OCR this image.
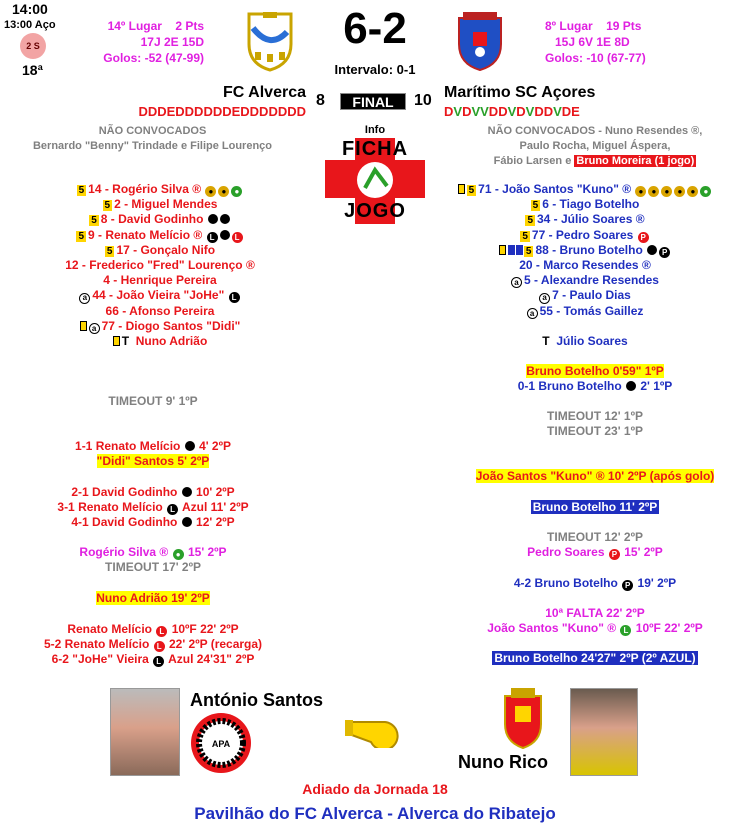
14:00
13:00 Aço
2 S
18ª
14º Lugar 2 Pts
17J 2E 15D
Golos: -52 (47-99)
6-2
Intervalo: 0-1
8º Lugar 19 Pts
15J 6V 1E 8D
Golos: -10 (67-77)
FC Alverca 8	FINAL	10 Marítimo SC Açores
DDDEDDDDDDEDDDDDDD	DVDVVDDVDVDDVDE
NÃO CONVOCADOS
Bernardo "Benny" Trindade e Filipe Lourenço
Info	NÃO CONVOCADOS - Nuno Resendes ®,
Paulo Rocha, Miguel Áspera,
Fábio Larsen e Bruno Moreira (1 jogo)
FICHA
JOGO
5 14 - Rogério Silva ® ● ● ●
5 2 - Miguel Mendes
5 8 - David Godinho
5 9 - Renato Melício ® L	L
5 17 - Gonçalo Nifo
12 - Frederico "Fred" Lourenço ®
4 - Henrique Pereira
a 44 - João Vieira "JoHe" L
66 - Afonso Pereira
a 77 - Diogo Santos "Didi"
T Nuno Adrião
5 71 - João Santos "Kuno" ® ● ● ● ● ● ●
5 6 - Tiago Botelho
5 34 - Júlio Soares ®
5 77 - Pedro Soares P
5 88 - Bruno Botelho P
20 - Marco Resendes ®
a 5 - Alexandre Resendes
a 7 - Paulo Dias
a 55 - Tomás Gaillez
T Júlio Soares
TIMEOUT 9' 1ºP
1-1 Renato Melício 4' 2ºP
"Didi" Santos 5' 2ºP
2-1 David Godinho 10' 2ºP
3-1 Renato Melício L Azul 11' 2ºP
4-1 David Godinho 12' 2ºP
Rogério Silva ® ● 15' 2ºP
TIMEOUT 17' 2ºP
Nuno Adrião 19' 2ºP
Renato Melício L 10ºF 22' 2ºP
5-2 Renato Melício L 22' 2ºP (recarga)
6-2 "JoHe" Vieira L Azul 24'31" 2ºP
Bruno Botelho 0'59" 1ºP
0-1 Bruno Botelho 2' 1ºP
TIMEOUT 12' 1ºP
TIMEOUT 23' 1ºP
João Santos "Kuno" ® 10' 2ºP (após golo)
Bruno Botelho 11' 2ºP
TIMEOUT 12' 2ºP
Pedro Soares P 15' 2ºP
4-2 Bruno Botelho P 19' 2ºP
10ª FALTA 22' 2ºP
João Santos "Kuno" ® L 10ºF 22' 2ºP
Bruno Botelho 24'27" 2ºP (2º AZUL)
APA
António Santos
Nuno Rico
Adiado da Jornada 18
Pavilhão do FC Alverca - Alverca do Ribatejo
